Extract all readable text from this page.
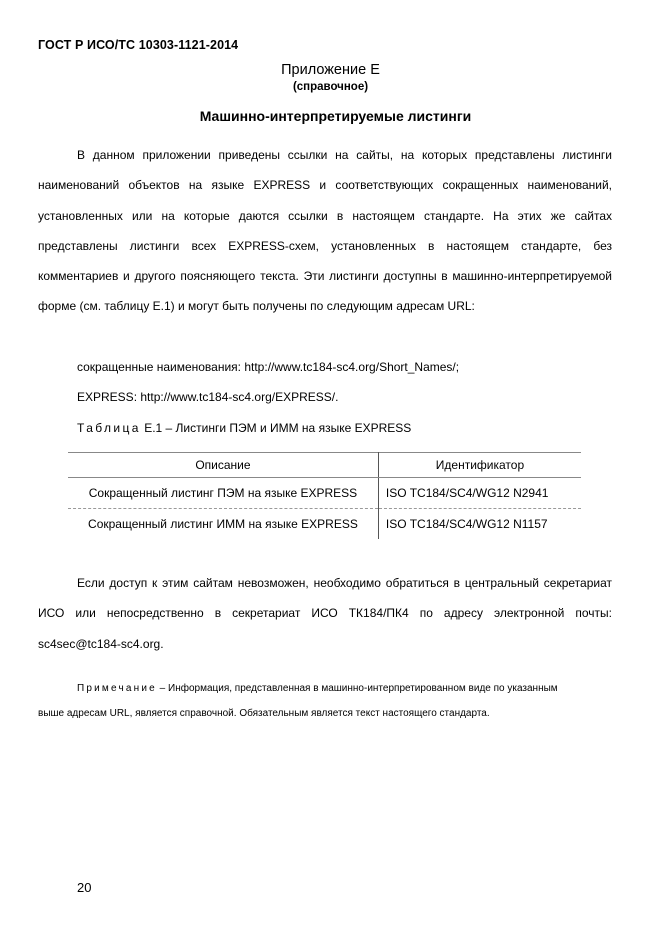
ГОСТ Р ИСО/ТС 10303-1121-2014
Приложение Е
(справочное)
Машинно-интерпретируемые листинги
В данном приложении приведены ссылки на сайты, на которых представлены листинги наименований объектов на языке EXPRESS и соответствующих сокращенных наименований, установленных или на которые даются ссылки в настоящем стандарте. На этих же сайтах представлены листинги всех EXPRESS-схем, установленных в настоящем стандарте, без комментариев и другого поясняющего текста. Эти листинги доступны в машинно-интерпретируемой форме (см. таблицу Е.1) и могут быть получены по следующим адресам URL:
сокращенные наименования: http://www.tc184-sc4.org/Short_Names/;
EXPRESS: http://www.tc184-sc4.org/EXPRESS/.
Таблица Е.1 – Листинги ПЭМ и ИММ на языке EXPRESS
Описание	Идентификатор
Сокращенный листинг ПЭМ на языке EXPRESS	ISO TC184/SC4/WG12 N2941
Сокращенный листинг ИММ на языке EXPRESS	ISO TC184/SC4/WG12 N1157
Если доступ к этим сайтам невозможен, необходимо обратиться в центральный секретариат ИСО или непосредственно в секретариат ИСО ТК184/ПК4 по адресу электронной почты: sc4sec@tc184-sc4.org.
Примечание – Информация, представленная в машинно-интерпретированном виде по указанным
выше адресам URL, является справочной. Обязательным является текст настоящего стандарта.
20
